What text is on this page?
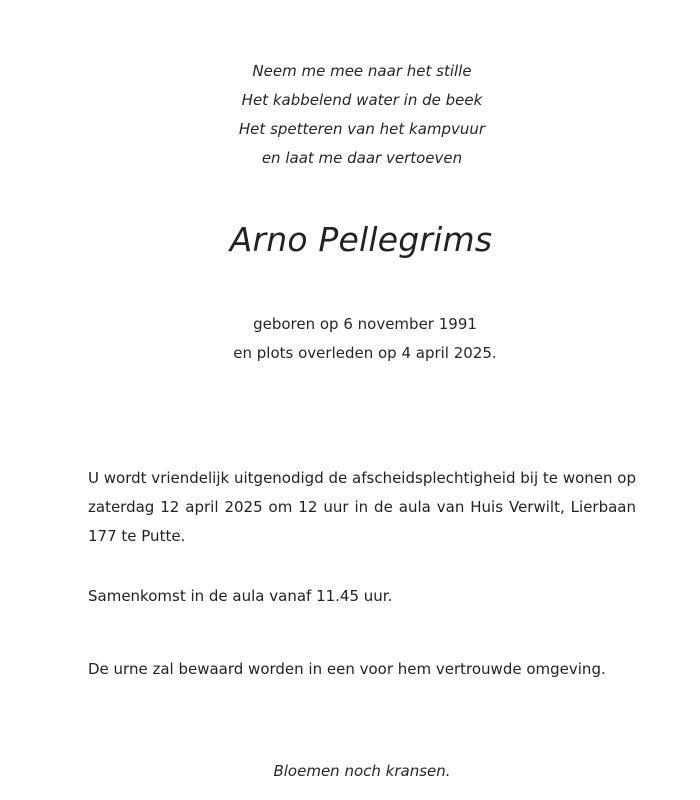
Neem me mee naar het stille
Het kabbelend water in de beek
Het spetteren van het kampvuur
en laat me daar vertoeven
Arno Pellegrims
geboren op 6 november 1991
en plots overleden op 4 april 2025.
U wordt vriendelijk uitgenodigd de afscheidsplechtigheid bij te wonen op zaterdag 12 april 2025 om 12 uur in de aula van Huis Verwilt, Lierbaan 177 te Putte.
Samenkomst in de aula vanaf 11.45 uur.
De urne zal bewaard worden in een voor hem vertrouwde omgeving.
Bloemen noch kransen.
